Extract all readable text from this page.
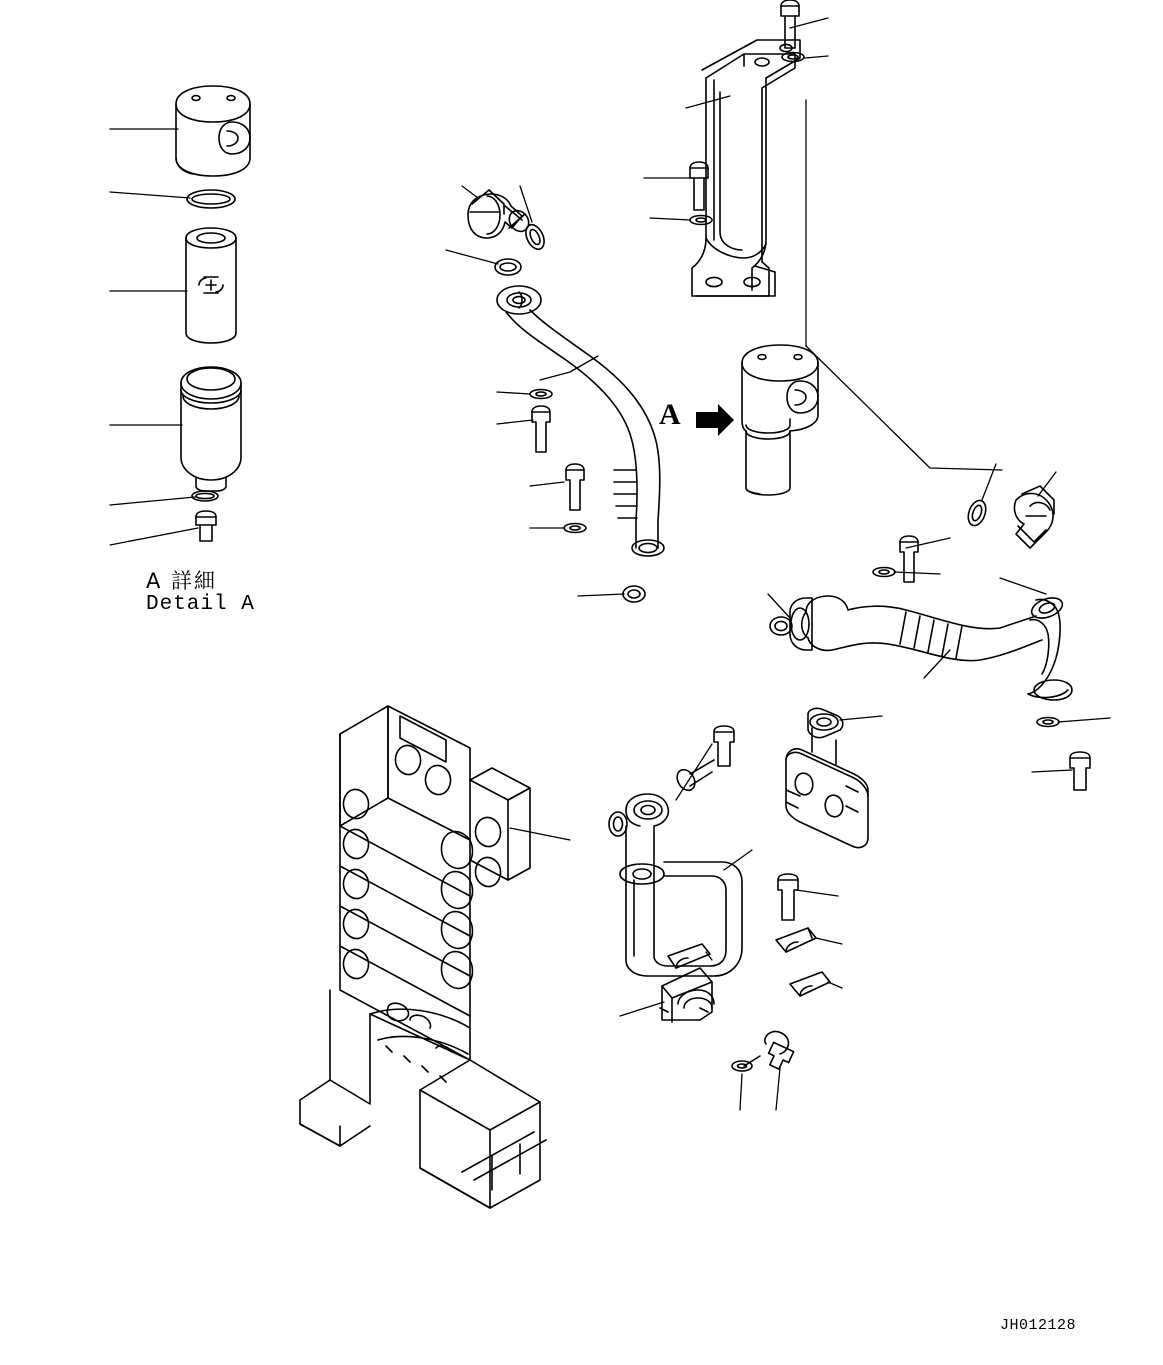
A 詳細
Detail A
A
JH012128
